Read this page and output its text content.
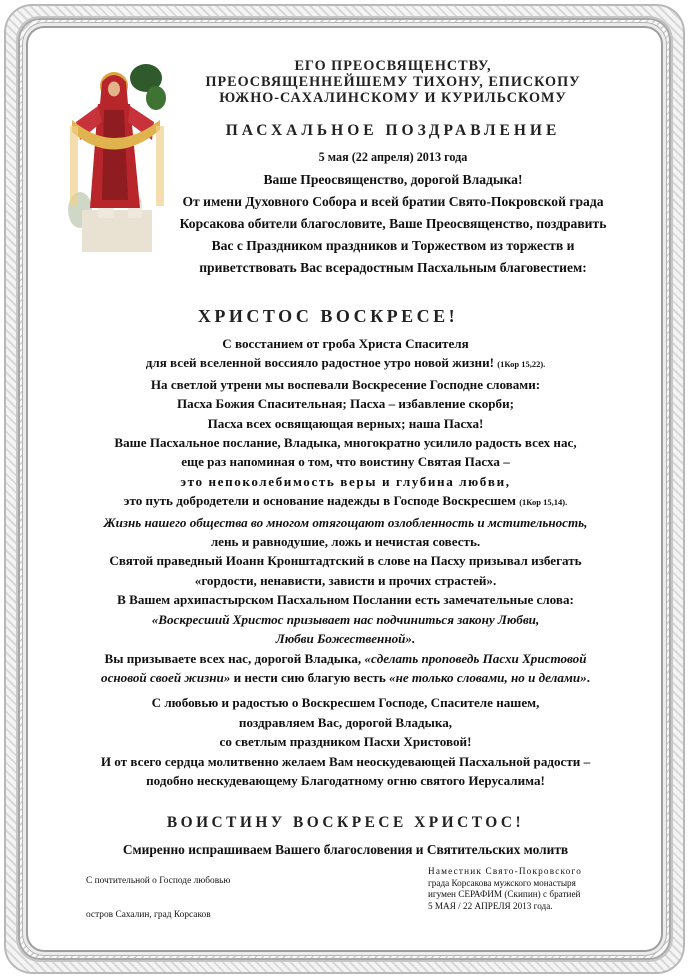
ЕГО ПРЕОСВЯЩЕНСТВУ,
ПРЕОСВЯЩЕННЕЙШЕМУ ТИХОНУ, ЕПИСКОПУ
ЮЖНО-САХАЛИНСКОМУ И КУРИЛЬСКОМУ
ПАСХАЛЬНОЕ ПОЗДРАВЛЕНИЕ
5 мая (22 апреля) 2013 года
Ваше Преосвященство, дорогой Владыка!
От имени Духовного Собора и всей братии Свято-Покровской града
Корсакова обители благословите, Ваше Преосвященство, поздравить
Вас с Праздником праздников и Торжеством из торжеств и
приветствовать Вас всерадостным Пасхальным благовестием:
ХРИСТОС ВОСКРЕСЕ!
С восстанием от гроба Христа Спасителя
для всей вселенной воссияло радостное утро новой жизни! (1Кор 15,22).
На светлой утрени мы воспевали Воскресение Господне словами:
Пасха Божия Спасительная; Пасха – избавление скорби;
Пасха всех освящающая верных; наша Пасха!
Ваше Пасхальное послание, Владыка, многократно усилило радость всех нас,
еще раз напоминая о том, что воистину Святая Пасха –
это непоколебимость веры и глубина любви,
это путь добродетели и основание надежды в Господе Воскресшем (1Кор 15,14).
Жизнь нашего общества во многом отягощают озлобленность и мстительность,
лень и равнодушие, ложь и нечистая совесть.
Святой праведный Иоанн Кронштадтский в слове на Пасху призывал избегать
«гордости, ненависти, зависти и прочих страстей».
В Вашем архипастырском Пасхальном Послании есть замечательные слова:
«Воскресший Христос призывает нас подчиниться закону Любви,
Любви Божественной».
Вы призываете всех нас, дорогой Владыка, «сделать проповедь Пасхи Христовой
основой своей жизни» и нести сию благую весть «не только словами, но и делами».
С любовью и радостью о Воскресшем Господе, Спасителе нашем,
поздравляем Вас, дорогой Владыка,
со светлым праздником Пасхи Христовой!
И от всего сердца молитвенно желаем Вам неоскудевающей Пасхальной радости –
подобно нескудевающему Благодатному огню святого Иерусалима!
ВОИСТИНУ ВОСКРЕСЕ ХРИСТОС!
Смиренно испрашиваем Вашего благословения и Святительских молитв
С почтительной о Господе любовью
остров Сахалин, град Корсаков
Наместник Свято-Покровского
града Корсакова мужского монастыря
игумен СЕРАФИМ (Скипин) с братией
5 МАЯ / 22 АПРЕЛЯ 2013 года.
